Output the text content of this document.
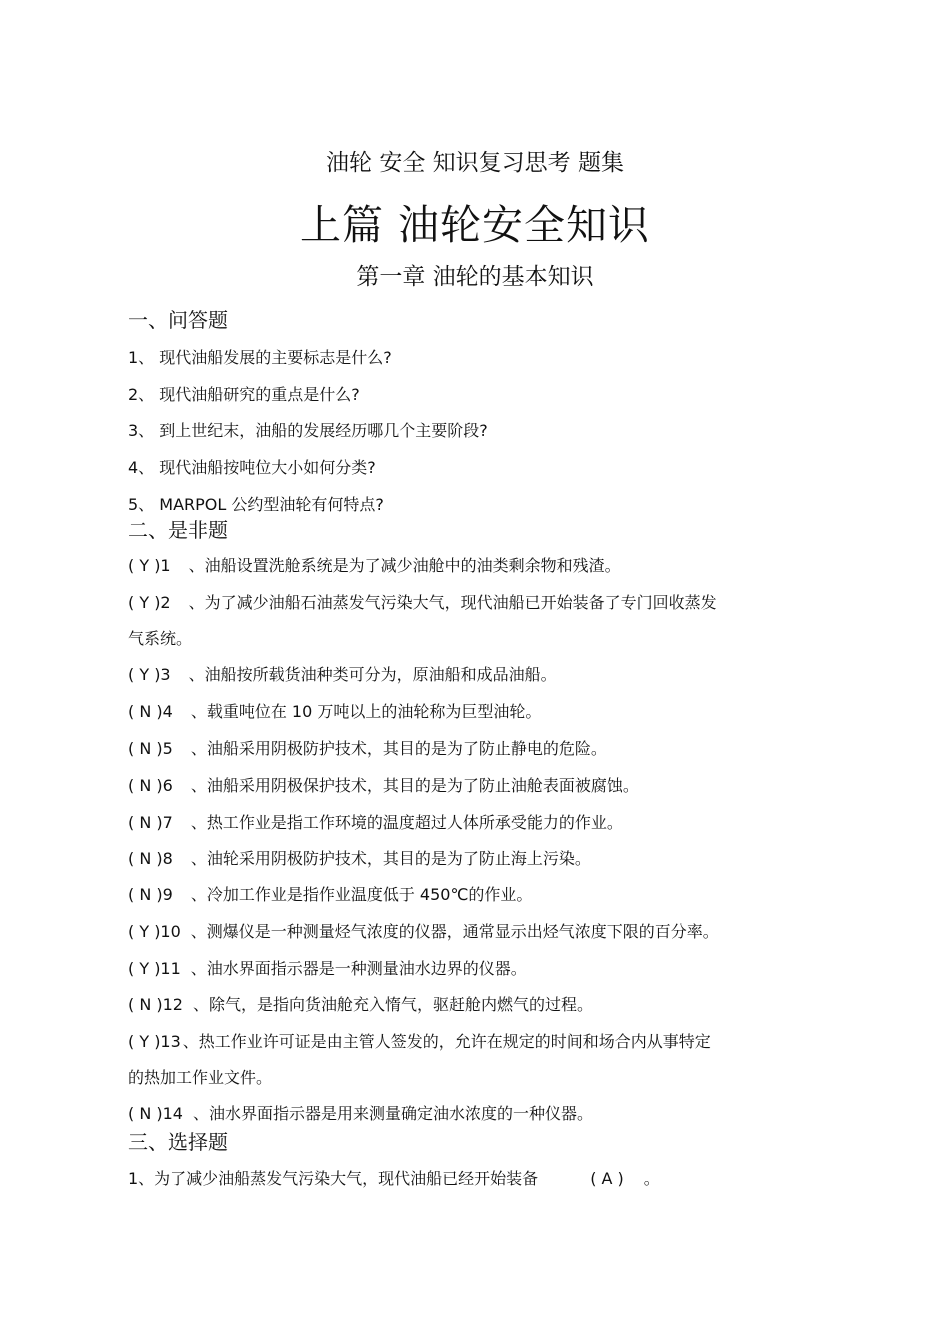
油轮 安全 知识复习思考 题集
上篇 油轮安全知识
第一章 油轮的基本知识
一、问答题
1、 现代油船发展的主要标志是什么?
2、 现代油船研究的重点是什么?
3、 到上世纪末，油船的发展经历哪几个主要阶段?
4、 现代油船按吨位大小如何分类?
5、 MARPOL 公约型油轮有何特点?
二、是非题
( Y )1 、油船设置洗舱系统是为了减少油舱中的油类剩余物和残渣。
( Y )2 、为了减少油船石油蒸发气污染大气，现代油船已开始装备了专门回收蒸发
气系统。
( Y )3 、油船按所载货油种类可分为，原油船和成品油船。
( N )4 、载重吨位在 10 万吨以上的油轮称为巨型油轮。
( N )5 、油船采用阴极防护技术，其目的是为了防止静电的危险。
( N )6 、油船采用阴极保护技术，其目的是为了防止油舱表面被腐蚀。
( N )7 、热工作业是指工作环境的温度超过人体所承受能力的作业。
( N )8 、油轮采用阴极防护技术，其目的是为了防止海上污染。
( N )9 、冷加工作业是指作业温度低于 450℃的作业。
( Y )10 、测爆仪是一种测量烃气浓度的仪器，通常显示出烃气浓度下限的百分率。
( Y )11 、油水界面指示器是一种测量油水边界的仪器。
( N )12 、除气，是指向货油舱充入惰气，驱赶舱内燃气的过程。
( Y )13 、热工作业许可证是由主管人签发的，允许在规定的时间和场合内从事特定
的热加工作业文件。
( N )14 、油水界面指示器是用来测量确定油水浓度的一种仪器。
三、选择题
1、为了减少油船蒸发气污染大气，现代油船已经开始装备	( A ) 。
